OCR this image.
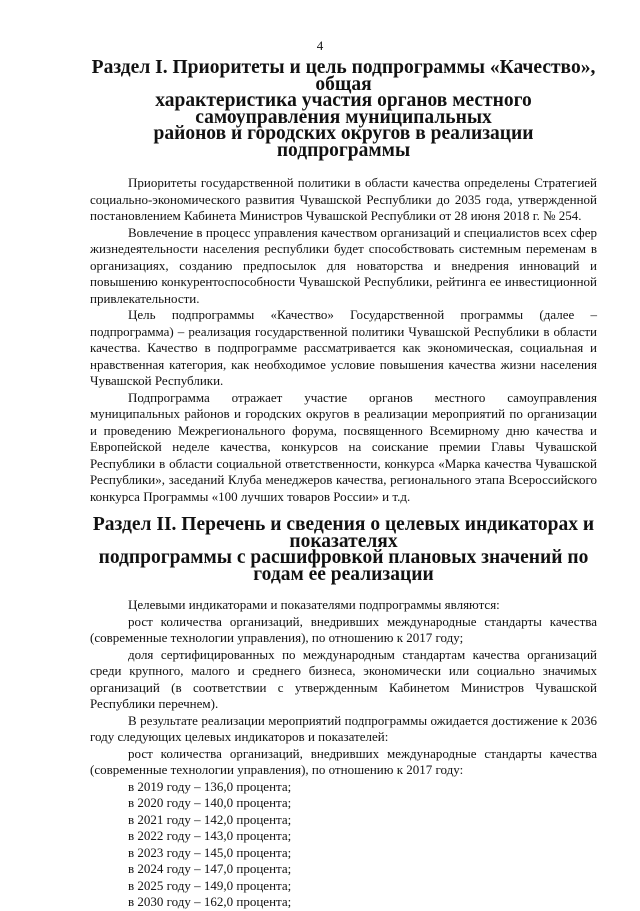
4
Раздел I. Приоритеты и цель подпрограммы «Качество», общая
характеристика участия органов местного самоуправления муниципальных
районов и городских округов в реализации подпрограммы

Приоритеты государственной политики в области качества определены Стратегией социально-экономического развития Чувашской Республики до 2035 года, утвержденной постановлением Кабинета Министров Чувашской Республики от 28 июня 2018 г. № 254.

Вовлечение в процесс управления качеством организаций и специалистов всех сфер жизнедеятельности населения республики будет способствовать системным переменам в организациях, созданию предпосылок для новаторства и внедрения инноваций и повышению конкурентоспособности Чувашской Республики, рейтинга ее инвестиционной привлекательности.

Цель подпрограммы «Качество» Государственной программы (далее – подпрограмма) – реализация государственной политики Чувашской Республики в области качества. Качество в подпрограмме рассматривается как экономическая, социальная и нравственная категория, как необходимое условие повышения качества жизни населения Чувашской Республики.

Подпрограмма отражает участие органов местного самоуправления муниципальных районов и городских округов в реализации мероприятий по организации и проведению Межрегионального форума, посвященного Всемирному дню качества и Европейской неделе качества, конкурсов на соискание премии Главы Чувашской Республики в области социальной ответственности, конкурса «Марка качества Чувашской Республики», заседаний Клуба менеджеров качества, регионального этапа Всероссийского конкурса Программы «100 лучших товаров России» и т.д.

Раздел II. Перечень и сведения о целевых индикаторах и показателях
подпрограммы с расшифровкой плановых значений по годам ее реализации

Целевыми индикаторами и показателями подпрограммы являются:

рост количества организаций, внедривших международные стандарты качества (современные технологии управления), по отношению к 2017 году;

доля сертифицированных по международным стандартам качества организаций среди крупного, малого и среднего бизнеса, экономически или социально значимых организаций (в соответствии с утвержденным Кабинетом Министров Чувашской Республики перечнем).

В результате реализации мероприятий подпрограммы ожидается достижение к 2036 году следующих целевых индикаторов и показателей:

рост количества организаций, внедривших международные стандарты качества (современные технологии управления), по отношению к 2017 году:

в 2019 году – 136,0 процента;

в 2020 году – 140,0 процента;

в 2021 году – 142,0 процента;

в 2022 году – 143,0 процента;

в 2023 году – 145,0 процента;

в 2024 году – 147,0 процента;

в 2025 году – 149,0 процента;

в 2030 году – 162,0 процента;
